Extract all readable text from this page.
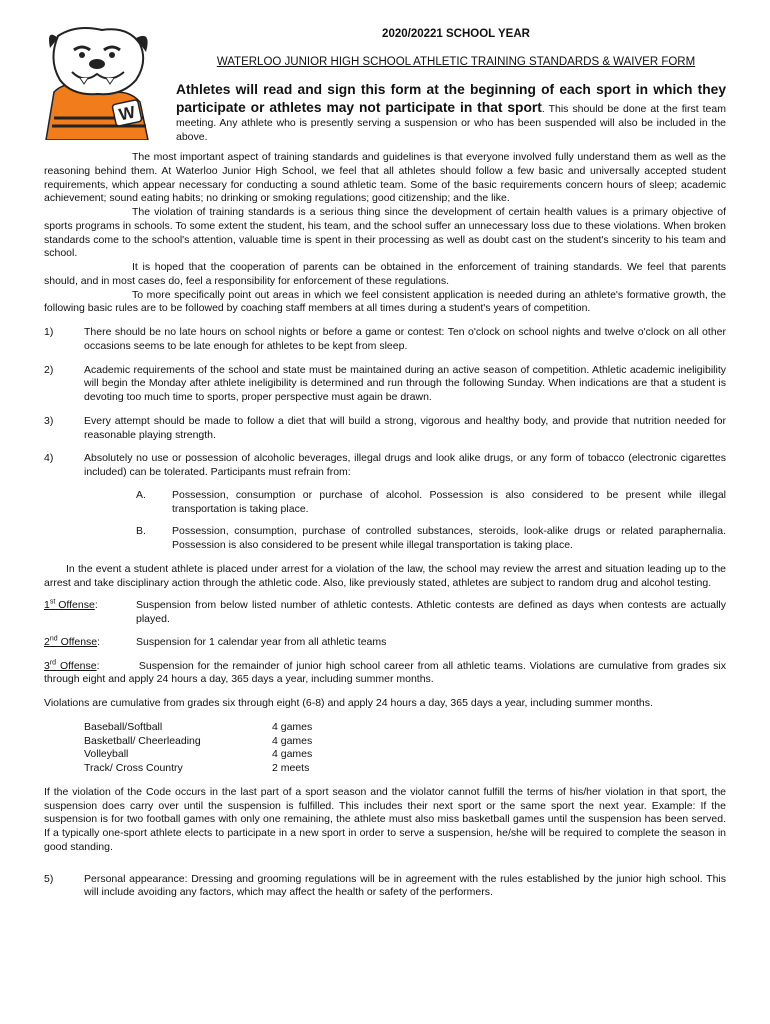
W
2020/20221 SCHOOL YEAR
WATERLOO JUNIOR HIGH SCHOOL ATHLETIC TRAINING STANDARDS & WAIVER FORM
Athletes will read and sign this form at the beginning of each sport in which they participate or athletes may not participate in that sport. This should be done at the first team meeting. Any athlete who is presently serving a suspension or who has been suspended will also be included in the above.

The most important aspect of training standards and guidelines is that everyone involved fully understand them as well as the reasoning behind them. At Waterloo Junior High School, we feel that all athletes should follow a few basic and universally accepted student requirements, which appear necessary for conducting a sound athletic team. Some of the basic requirements concern hours of sleep; academic achievement; sound eating habits; no drinking or smoking regulations; good citizenship; and the like.

The violation of training standards is a serious thing since the development of certain health values is a primary objective of sports programs in schools. To some extent the student, his team, and the school suffer an unnecessary loss due to these violations. When broken standards come to the school's attention, valuable time is spent in their processing as well as doubt cast on the student's sincerity to his team and school.

It is hoped that the cooperation of parents can be obtained in the enforcement of training standards. We feel that parents should, and in most cases do, feel a responsibility for enforcement of these regulations.

To more specifically point out areas in which we feel consistent application is needed during an athlete's formative growth, the following basic rules are to be followed by coaching staff members at all times during a student's years of competition.

1)	There should be no late hours on school nights or before a game or contest: Ten o'clock on school nights and twelve o'clock on all other occasions seems to be late enough for athletes to be kept from sleep.
2)	Academic requirements of the school and state must be maintained during an active season of competition. Athletic academic ineligibility will begin the Monday after athlete ineligibility is determined and run through the following Sunday. When indications are that a student is devoting too much time to sports, proper perspective must again be drawn.
3)	Every attempt should be made to follow a diet that will build a strong, vigorous and healthy body, and provide that nutrition needed for reasonable playing strength.
4)	Absolutely no use or possession of alcoholic beverages, illegal drugs and look alike drugs, or any form of tobacco (electronic cigarettes included) can be tolerated. Participants must refrain from:
A.	Possession, consumption or purchase of alcohol. Possession is also considered to be present while illegal transportation is taking place.
B.	Possession, consumption, purchase of controlled substances, steroids, look-alike drugs or related paraphernalia. Possession is also considered to be present while illegal transportation is taking place.

In the event a student athlete is placed under arrest for a violation of the law, the school may review the arrest and situation leading up to the arrest and take disciplinary action through the athletic code. Also, like previously stated, athletes are subject to random drug and alcohol testing.

1st Offense:	Suspension from below listed number of athletic contests. Athletic contests are defined as days when contests are actually played.
2nd Offense:	Suspension for 1 calendar year from all athletic teams

3rd Offense:	Suspension for the remainder of junior high school career from all athletic teams. Violations are cumulative from grades six through eight and apply 24 hours a day, 365 days a year, including summer months.

Violations are cumulative from grades six through eight (6-8) and apply 24 hours a day, 365 days a year, including summer months.

Baseball/Softball	4 games
Basketball/ Cheerleading	4 games
Volleyball	4 games
Track/ Cross Country	2 meets

If the violation of the Code occurs in the last part of a sport season and the violator cannot fulfill the terms of his/her violation in that sport, the suspension does carry over until the suspension is fulfilled. This includes their next sport or the same sport the next year. Example: If the suspension is for two football games with only one remaining, the athlete must also miss basketball games until the suspension has been served. If a typically one-sport athlete elects to participate in a new sport in order to serve a suspension, he/she will be required to complete the season in good standing.

5)	Personal appearance: Dressing and grooming regulations will be in agreement with the rules established by the junior high school. This will include avoiding any factors, which may affect the health or safety of the performers.
